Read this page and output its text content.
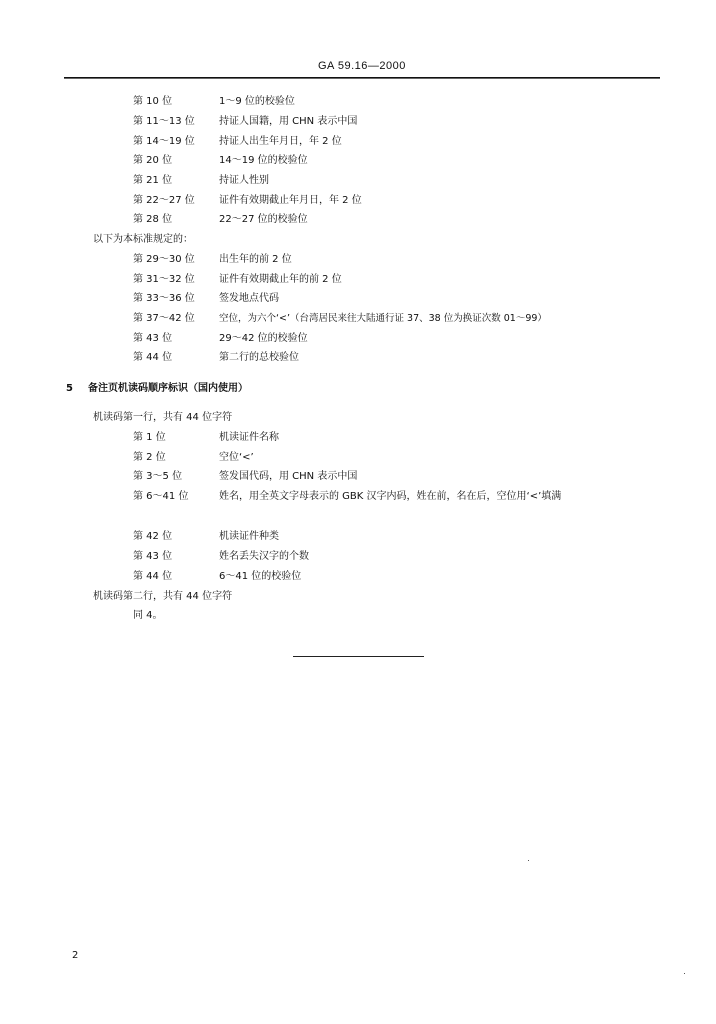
GA 59.16—2000
第 10 位	1～9 位的校验位
第 11～13 位 持证人国籍，用 CHN 表示中国
第 14～19 位 持证人出生年月日，年 2 位
第 20 位	14～19 位的校验位
第 21 位	持证人性别
第 22～27 位 证件有效期截止年月日，年 2 位
第 28 位	22～27 位的校验位
以下为本标准规定的：
第 29～30 位 出生年的前 2 位
第 31～32 位 证件有效期截止年的前 2 位
第 33～36 位 签发地点代码
第 37～42 位	空位，为六个‘<’（台湾居民来往大陆通行证 37、38 位为换证次数 01～99）
第 43 位	29～42 位的校验位
第 44 位	第二行的总校验位
5 备注页机读码顺序标识（国内使用）
机读码第一行，共有 44 位字符
第 1 位	机读证件名称
第 2 位	空位‘<’
第 3～5 位	签发国代码，用 CHN 表示中国
第 6～41 位	姓名，用全英文字母表示的 GBK 汉字内码，姓在前，名在后，空位用‘<’填满
第 42 位	机读证件种类
第 43 位	姓名丢失汉字的个数
第 44 位	6～41 位的校验位
机读码第二行，共有 44 位字符
同 4。
2
